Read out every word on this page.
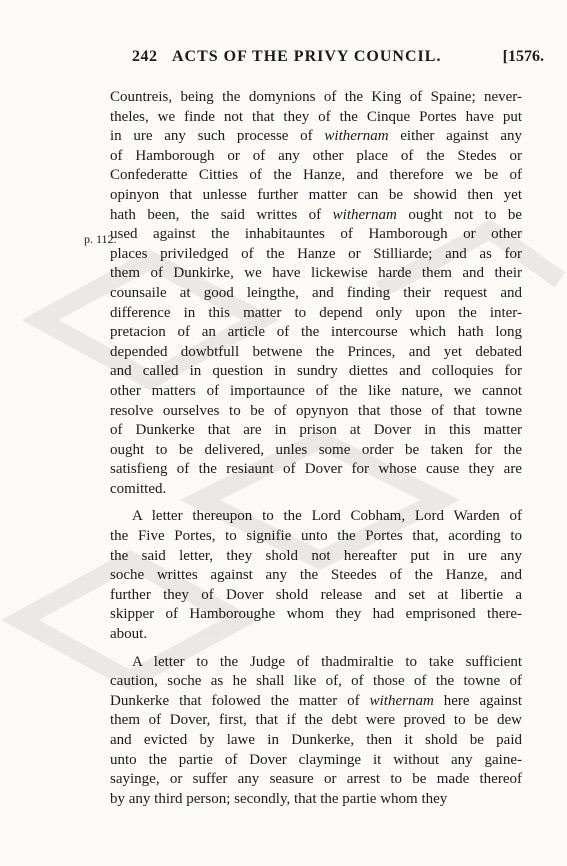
242 ACTS OF THE PRIVY COUNCIL.	[1576.
p. 112.
Countreis, being the domynions of the King of Spaine; never-
theles, we finde not that they of the Cinque Portes have put
in ure any such processe of withernam either against any
of Hamborough or of any other place of the Stedes or
Confederatte Citties of the Hanze, and therefore we be of
opinyon that unlesse further matter can be showid then yet
hath been, the said writtes of withernam ought not to be
used against the inhabitauntes of Hamborough or other
places priviledged of the Hanze or Stilliarde; and as for
them of Dunkirke, we have lickewise harde them and their
counsaile at good leingthe, and finding their request and
difference in this matter to depend only upon the inter-
pretacion of an article of the intercourse which hath long
depended dowbtfull betwene the Princes, and yet debated
and called in question in sundry diettes and colloquies for
other matters of importaunce of the like nature, we cannot
resolve ourselves to be of opynyon that those of that towne
of Dunkerke that are in prison at Dover in this matter
ought to be delivered, unles some order be taken for the
satisfieng of the resiaunt of Dover for whose cause they are
comitted.
A letter thereupon to the Lord Cobham, Lord Warden of
the Five Portes, to signifie unto the Portes that, acording to
the said letter, they shold not hereafter put in ure any
soche writtes against any the Steedes of the Hanze, and
further they of Dover shold release and set at libertie a
skipper of Hamboroughe whom they had emprisoned there-
about.
A letter to the Judge of thadmiraltie to take sufficient
caution, soche as he shall like of, of those of the towne of
Dunkerke that folowed the matter of withernam here against
them of Dover, first, that if the debt were proved to be dew
and evicted by lawe in Dunkerke, then it shold be paid
unto the partie of Dover clayminge it without any gaine-
sayinge, or suffer any seasure or arrest to be made thereof
by any third person; secondly, that the partie whom they
